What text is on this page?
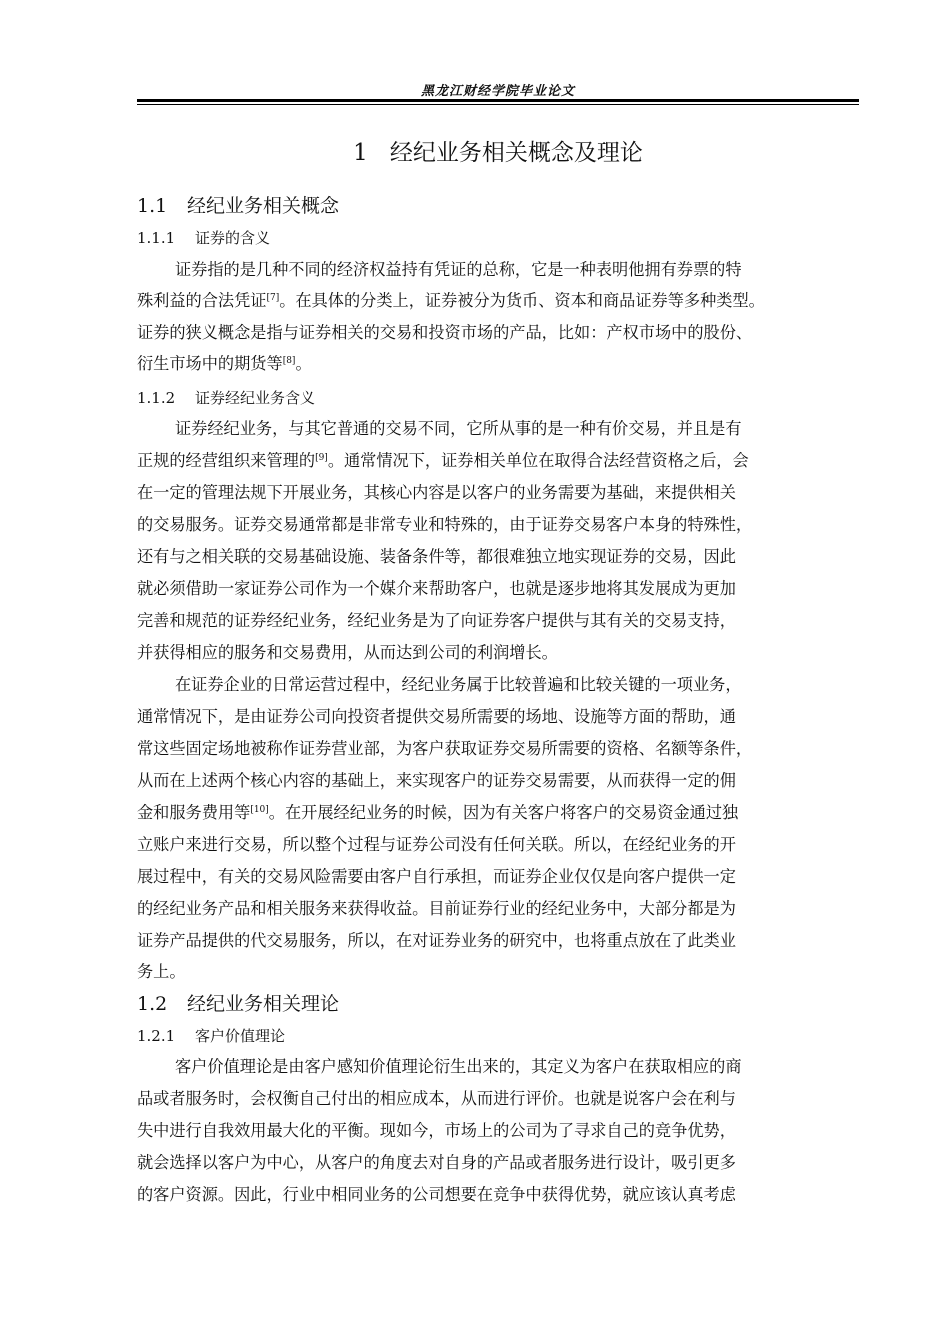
黑龙江财经学院毕业论文
1 经纪业务相关概念及理论
1.1 经纪业务相关概念
1.1.1 证券的含义
证券指的是几种不同的经济权益持有凭证的总称，它是一种表明他拥有券票的特
殊利益的合法凭证[7]。在具体的分类上，证券被分为货币、资本和商品证券等多种类型。
证券的狭义概念是指与证券相关的交易和投资市场的产品，比如：产权市场中的股份、
衍生市场中的期货等[8]。
1.1.2 证券经纪业务含义
证券经纪业务，与其它普通的交易不同，它所从事的是一种有价交易，并且是有
正规的经营组织来管理的[9]。通常情况下，证券相关单位在取得合法经营资格之后，会
在一定的管理法规下开展业务，其核心内容是以客户的业务需要为基础，来提供相关
的交易服务。证券交易通常都是非常专业和特殊的，由于证券交易客户本身的特殊性，
还有与之相关联的交易基础设施、装备条件等，都很难独立地实现证券的交易，因此
就必须借助一家证券公司作为一个媒介来帮助客户，也就是逐步地将其发展成为更加
完善和规范的证券经纪业务，经纪业务是为了向证券客户提供与其有关的交易支持，
并获得相应的服务和交易费用，从而达到公司的利润增长。
在证券企业的日常运营过程中，经纪业务属于比较普遍和比较关键的一项业务，
通常情况下，是由证券公司向投资者提供交易所需要的场地、设施等方面的帮助，通
常这些固定场地被称作证券营业部，为客户获取证券交易所需要的资格、名额等条件，
从而在上述两个核心内容的基础上，来实现客户的证券交易需要，从而获得一定的佣
金和服务费用等[10]。在开展经纪业务的时候，因为有关客户将客户的交易资金通过独
立账户来进行交易，所以整个过程与证券公司没有任何关联。所以，在经纪业务的开
展过程中，有关的交易风险需要由客户自行承担，而证券企业仅仅是向客户提供一定
的经纪业务产品和相关服务来获得收益。目前证券行业的经纪业务中，大部分都是为
证券产品提供的代交易服务，所以，在对证券业务的研究中，也将重点放在了此类业
务上。
1.2 经纪业务相关理论
1.2.1 客户价值理论
客户价值理论是由客户感知价值理论衍生出来的，其定义为客户在获取相应的商
品或者服务时，会权衡自己付出的相应成本，从而进行评价。也就是说客户会在利与
失中进行自我效用最大化的平衡。现如今，市场上的公司为了寻求自己的竞争优势，
就会选择以客户为中心，从客户的角度去对自身的产品或者服务进行设计，吸引更多
的客户资源。因此，行业中相同业务的公司想要在竞争中获得优势，就应该认真考虑
